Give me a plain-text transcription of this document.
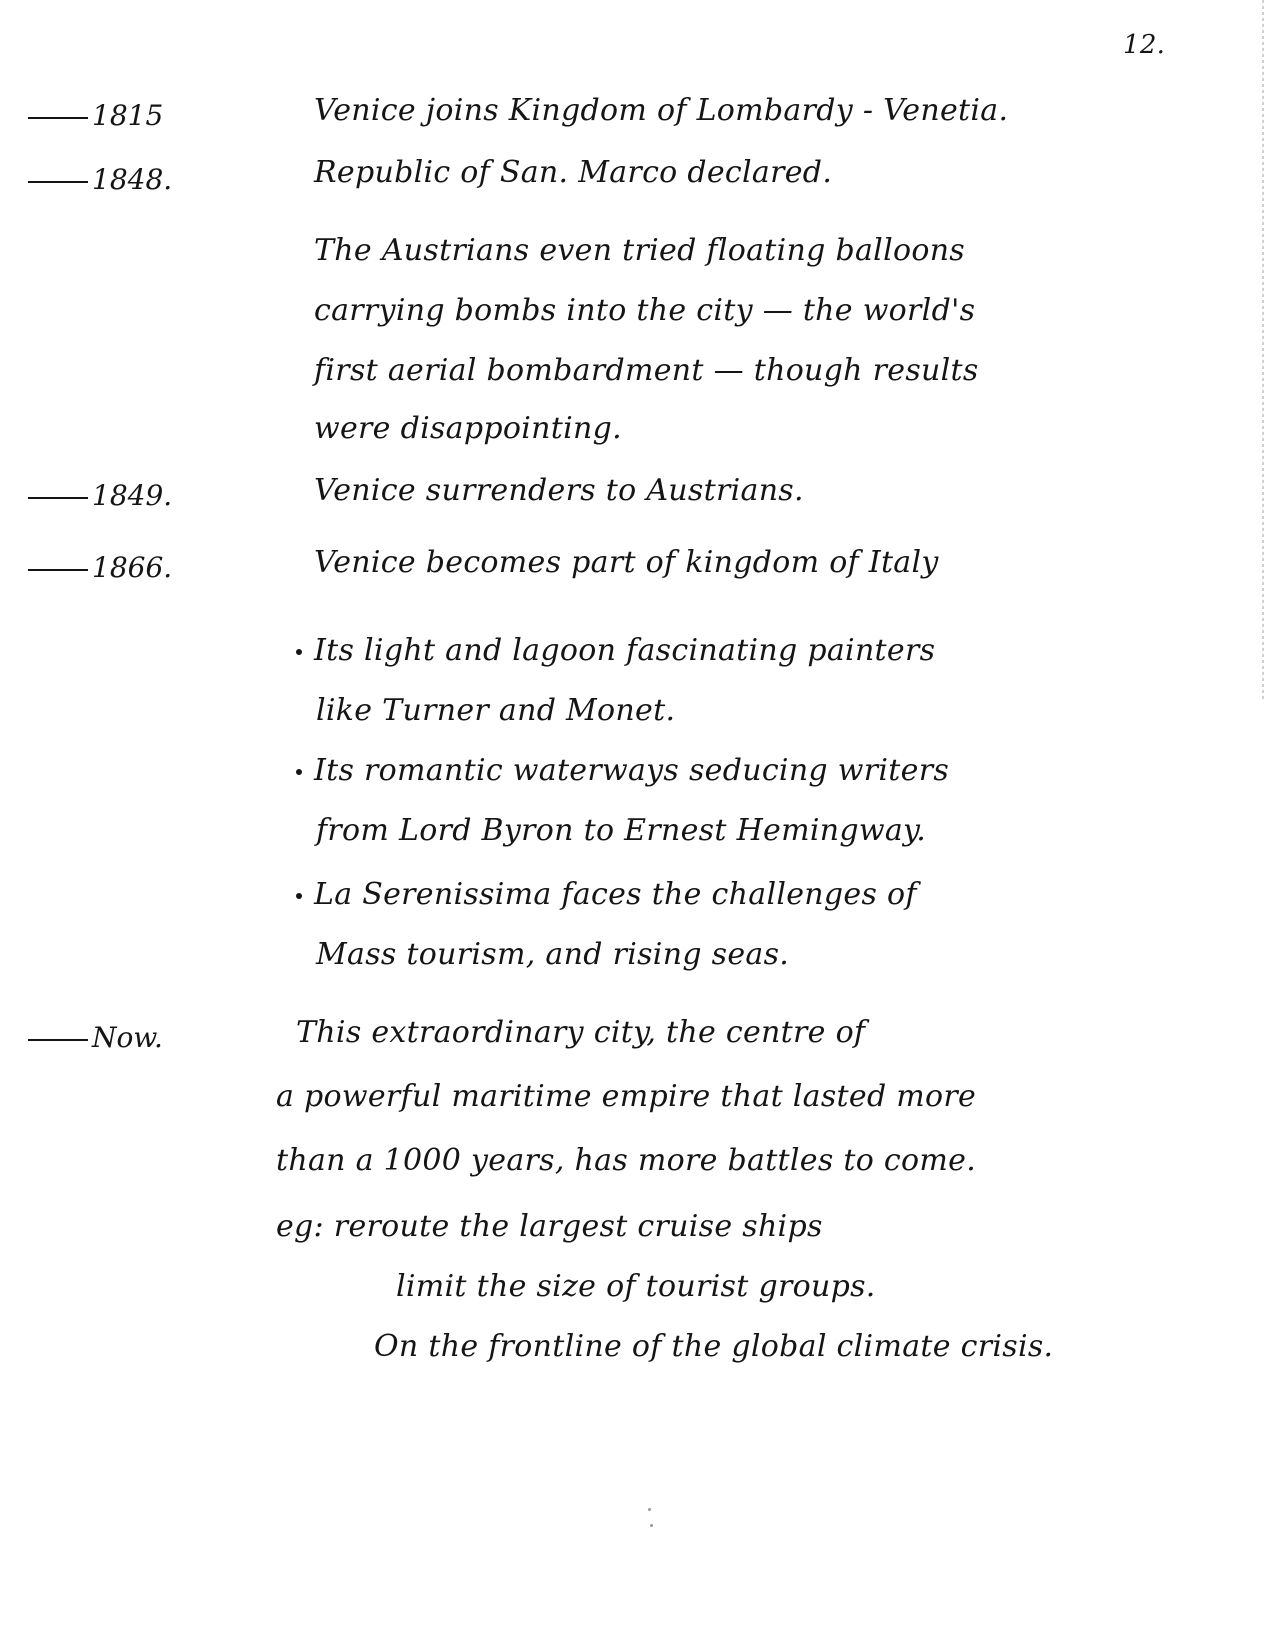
12.
1815	Venice joins Kingdom of Lombardy - Venetia.
1848.	Republic of San. Marco declared.
The Austrians even tried floating balloons
carrying bombs into the city — the world's
first aerial bombardment — though results
were disappointing.
1849.	Venice surrenders to Austrians.
1866.	Venice becomes part of kingdom of Italy
Its light and lagoon fascinating painters
like Turner and Monet.
Its romantic waterways seducing writers
from Lord Byron to Ernest Hemingway.
La Serenissima faces the challenges of
Mass tourism, and rising seas.
Now.	This extraordinary city, the centre of
a powerful maritime empire that lasted more
than a 1000 years, has more battles to come.
eg: reroute the largest cruise ships
limit the size of tourist groups.
On the frontline of the global climate crisis.
